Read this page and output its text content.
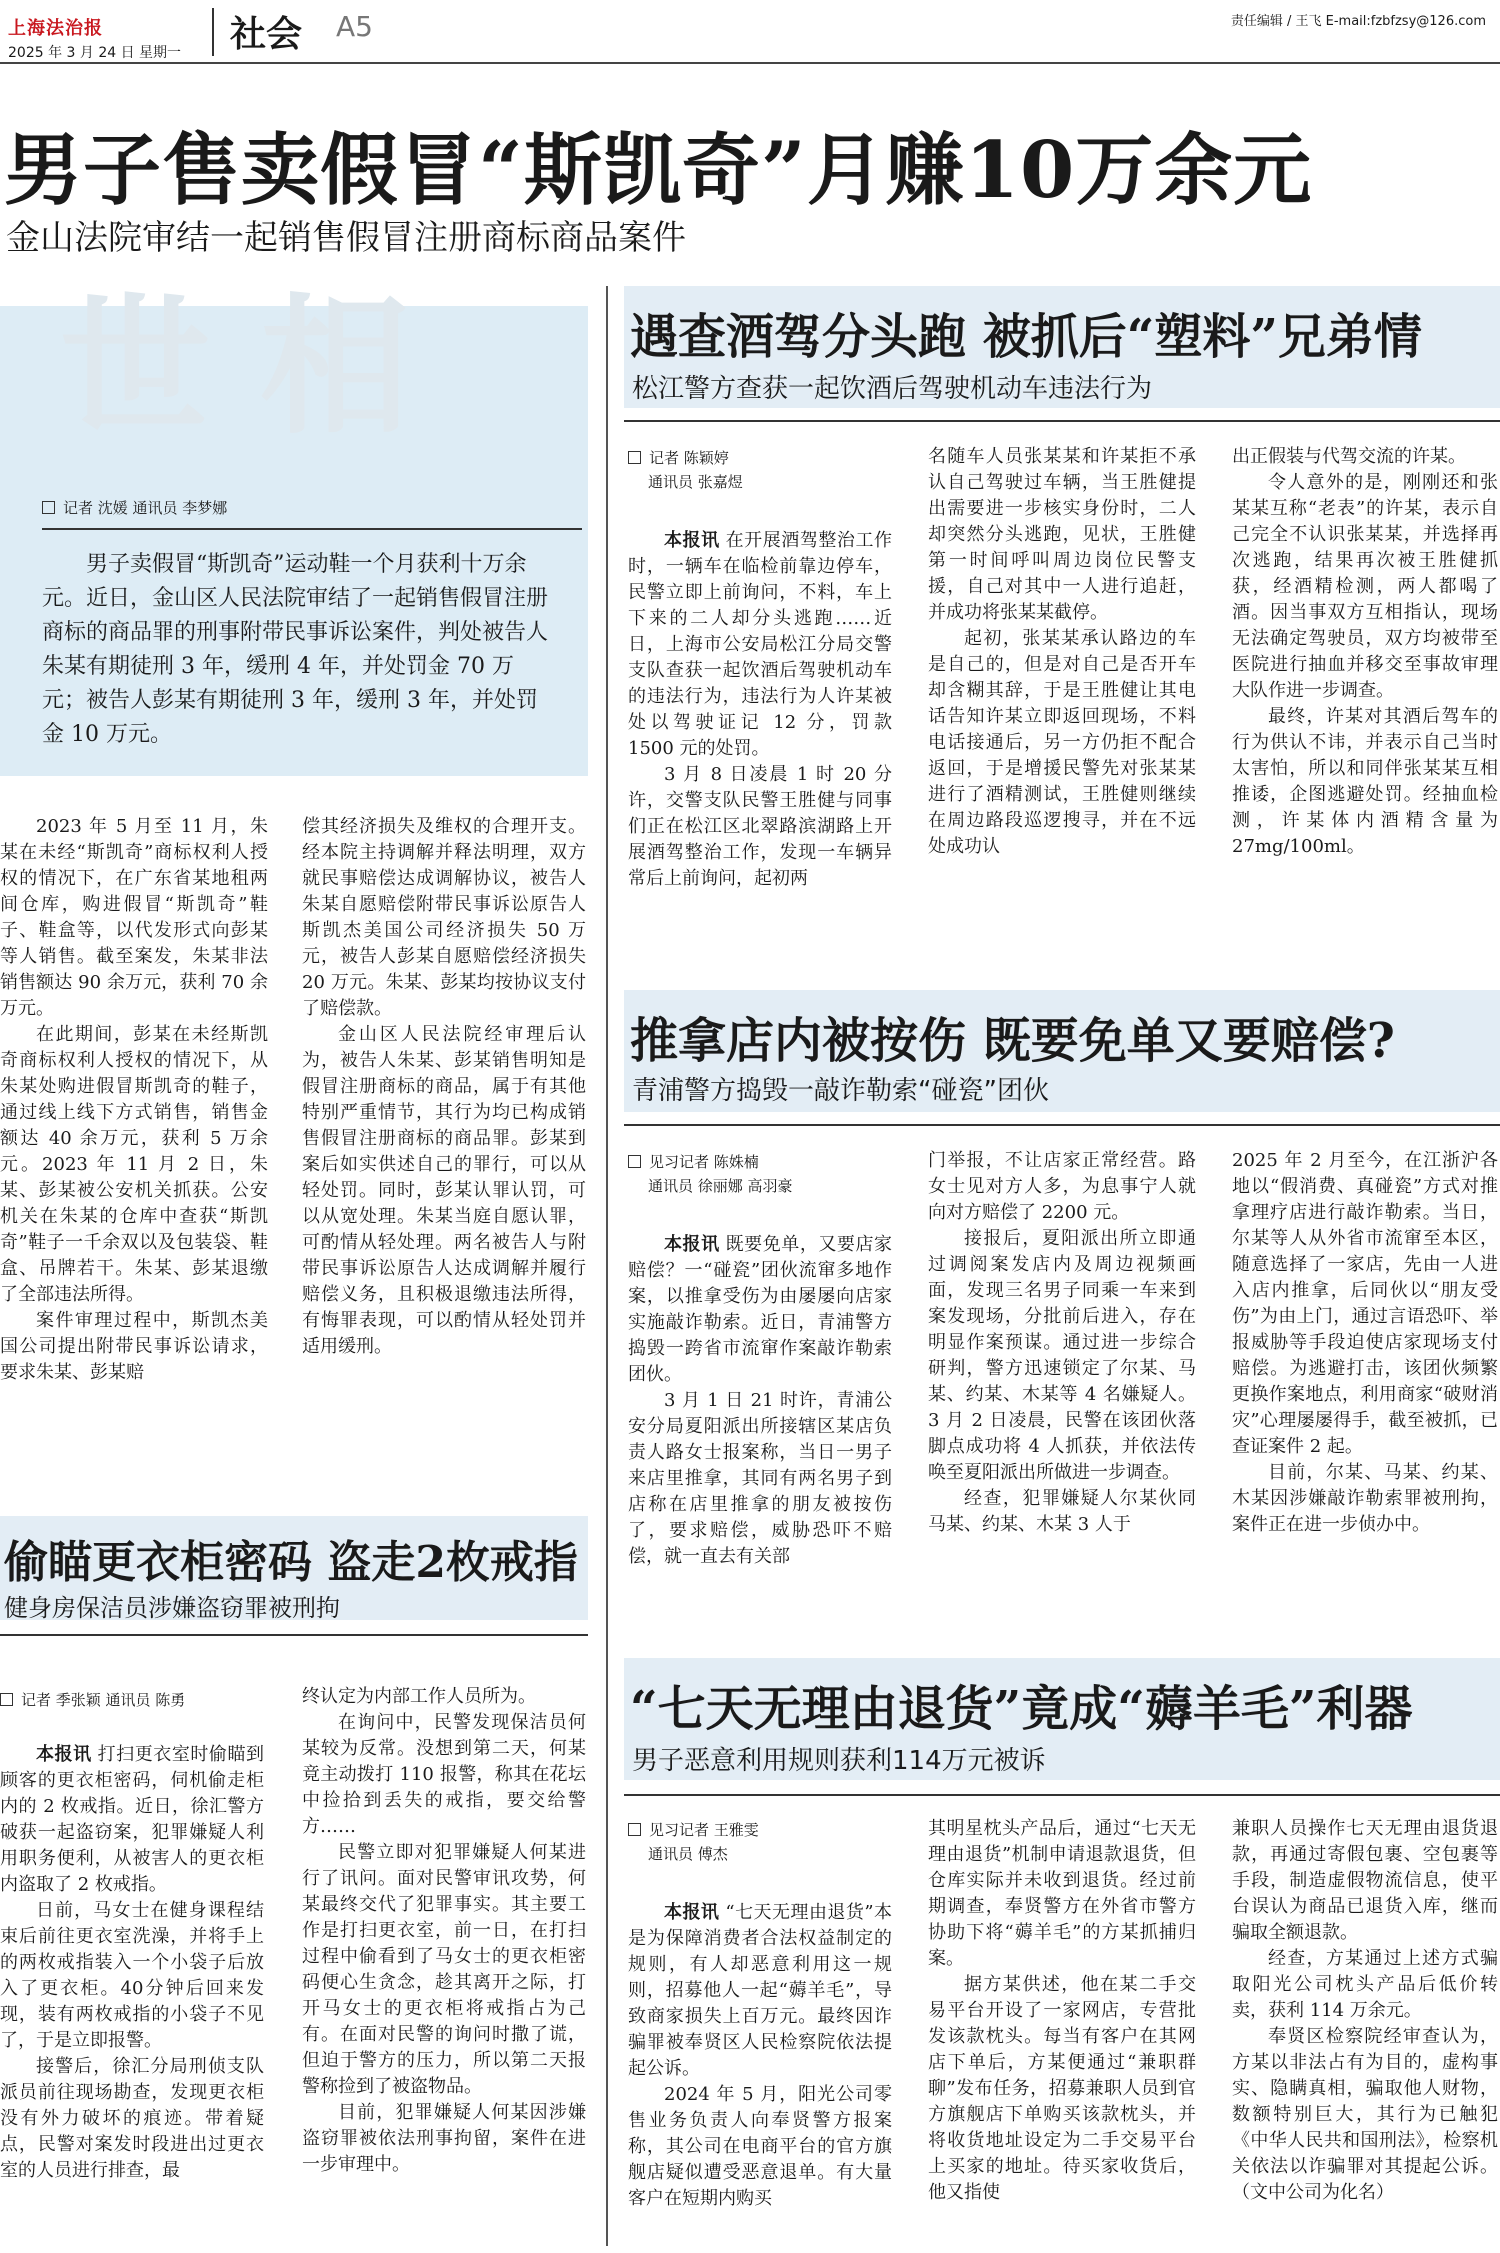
上海法治报
2025 年 3 月 24 日 星期一 社会 A5	责任编辑 / 王飞 E-mail:fzbfzsy@126.com
男子售卖假冒“斯凯奇”月赚10万余元
金山法院审结一起销售假冒注册商标商品案件
世相
记者 沈媛 通讯员 李梦娜
男子卖假冒“斯凯奇”运动鞋一个月获利十万余元。近日，金山区人民法院审结了一起销售假冒注册商标的商品罪的刑事附带民事诉讼案件，判处被告人朱某有期徒刑 3 年，缓刑 4 年，并处罚金 70 万元；被告人彭某有期徒刑 3 年，缓刑 3 年，并处罚金 10 万元。

2023 年 5 月至 11 月，朱某在未经“斯凯奇”商标权利人授权的情况下，在广东省某地租两间仓库，购进假冒“斯凯奇”鞋子、鞋盒等，以代发形式向彭某等人销售。截至案发，朱某非法销售额达 90 余万元，获利 70 余万元。

在此期间，彭某在未经斯凯奇商标权利人授权的情况下，从朱某处购进假冒斯凯奇的鞋子，通过线上线下方式销售，销售金额达 40 余万元，获利 5 万余元。2023 年 11 月 2 日，朱某、彭某被公安机关抓获。公安机关在朱某的仓库中查获“斯凯奇”鞋子一千余双以及包装袋、鞋盒、吊牌若干。朱某、彭某退缴了全部违法所得。

案件审理过程中，斯凯杰美国公司提出附带民事诉讼请求，要求朱某、彭某赔

偿其经济损失及维权的合理开支。经本院主持调解并释法明理，双方就民事赔偿达成调解协议，被告人朱某自愿赔偿附带民事诉讼原告人斯凯杰美国公司经济损失 50 万元，被告人彭某自愿赔偿经济损失 20 万元。朱某、彭某均按协议支付了赔偿款。

金山区人民法院经审理后认为，被告人朱某、彭某销售明知是假冒注册商标的商品，属于有其他特别严重情节，其行为均已构成销售假冒注册商标的商品罪。彭某到案后如实供述自己的罪行，可以从轻处罚。同时，彭某认罪认罚，可以从宽处理。朱某当庭自愿认罪，可酌情从轻处理。两名被告人与附带民事诉讼原告人达成调解并履行赔偿义务，且积极退缴违法所得，有悔罪表现，可以酌情从轻处罚并适用缓刑。

遇查酒驾分头跑 被抓后“塑料”兄弟情
松江警方查获一起饮酒后驾驶机动车违法行为
记者 陈颖婷
通讯员 张嘉煜

本报讯 在开展酒驾整治工作时，一辆车在临检前靠边停车，民警立即上前询问，不料，车上下来的二人却分头逃跑……近日，上海市公安局松江分局交警支队查获一起饮酒后驾驶机动车的违法行为，违法行为人许某被处以驾驶证记 12 分，罚款 1500 元的处罚。

3 月 8 日凌晨 1 时 20 分许，交警支队民警王胜健与同事们正在松江区北翠路滨湖路上开展酒驾整治工作，发现一车辆异常后上前询问，起初两

名随车人员张某某和许某拒不承认自己驾驶过车辆，当王胜健提出需要进一步核实身份时，二人却突然分头逃跑，见状，王胜健第一时间呼叫周边岗位民警支援，自己对其中一人进行追赶，并成功将张某某截停。

起初，张某某承认路边的车是自己的，但是对自己是否开车却含糊其辞，于是王胜健让其电话告知许某立即返回现场，不料电话接通后，另一方仍拒不配合返回，于是增援民警先对张某某进行了酒精测试，王胜健则继续在周边路段巡逻搜寻，并在不远处成功认

出正假装与代驾交流的许某。

令人意外的是，刚刚还和张某某互称“老表”的许某，表示自己完全不认识张某某，并选择再次逃跑，结果再次被王胜健抓获，经酒精检测，两人都喝了酒。因当事双方互相指认，现场无法确定驾驶员，双方均被带至医院进行抽血并移交至事故审理大队作进一步调查。

最终，许某对其酒后驾车的行为供认不讳，并表示自己当时太害怕，所以和同伴张某某互相推诿，企图逃避处罚。经抽血检测，许某体内酒精含量为 27mg/100ml。

推拿店内被按伤 既要免单又要赔偿?
青浦警方捣毁一敲诈勒索“碰瓷”团伙
见习记者 陈姝楠
通讯员 徐丽娜 高羽豪

本报讯 既要免单，又要店家赔偿？一“碰瓷”团伙流窜多地作案，以推拿受伤为由屡屡向店家实施敲诈勒索。近日，青浦警方捣毁一跨省市流窜作案敲诈勒索团伙。

3 月 1 日 21 时许，青浦公安分局夏阳派出所接辖区某店负责人路女士报案称，当日一男子来店里推拿，其同有两名男子到店称在店里推拿的朋友被按伤了，要求赔偿，威胁恐吓不赔偿，就一直去有关部

门举报，不让店家正常经营。路女士见对方人多，为息事宁人就向对方赔偿了 2200 元。

接报后，夏阳派出所立即通过调阅案发店内及周边视频画面，发现三名男子同乘一车来到案发现场，分批前后进入，存在明显作案预谋。通过进一步综合研判，警方迅速锁定了尔某、马某、约某、木某等 4 名嫌疑人。3 月 2 日凌晨，民警在该团伙落脚点成功将 4 人抓获，并依法传唤至夏阳派出所做进一步调查。

经查，犯罪嫌疑人尔某伙同马某、约某、木某 3 人于

2025 年 2 月至今，在江浙沪各地以“假消费、真碰瓷”方式对推拿理疗店进行敲诈勒索。当日，尔某等人从外省市流窜至本区，随意选择了一家店，先由一人进入店内推拿，后同伙以“朋友受伤”为由上门，通过言语恐吓、举报威胁等手段迫使店家现场支付赔偿。为逃避打击，该团伙频繁更换作案地点，利用商家“破财消灾”心理屡屡得手，截至被抓，已查证案件 2 起。

目前，尔某、马某、约某、木某因涉嫌敲诈勒索罪被刑拘，案件正在进一步侦办中。

“七天无理由退货”竟成“薅羊毛”利器
男子恶意利用规则获利114万元被诉
见习记者 王雅雯
通讯员 傅杰

本报讯 “七天无理由退货”本是为保障消费者合法权益制定的规则，有人却恶意利用这一规则，招募他人一起“薅羊毛”，导致商家损失上百万元。最终因诈骗罪被奉贤区人民检察院依法提起公诉。

2024 年 5 月，阳光公司零售业务负责人向奉贤警方报案称，其公司在电商平台的官方旗舰店疑似遭受恶意退单。有大量客户在短期内购买

其明星枕头产品后，通过“七天无理由退货”机制申请退款退货，但仓库实际并未收到退货。经过前期调查，奉贤警方在外省市警方协助下将“薅羊毛”的方某抓捕归案。

据方某供述，他在某二手交易平台开设了一家网店，专营批发该款枕头。每当有客户在其网店下单后，方某便通过“兼职群聊”发布任务，招募兼职人员到官方旗舰店下单购买该款枕头，并将收货地址设定为二手交易平台上买家的地址。待买家收货后，他又指使

兼职人员操作七天无理由退货退款，再通过寄假包裹、空包裹等手段，制造虚假物流信息，使平台误认为商品已退货入库，继而骗取全额退款。

经查，方某通过上述方式骗取阳光公司枕头产品后低价转卖，获利 114 万余元。

奉贤区检察院经审查认为，方某以非法占有为目的，虚构事实、隐瞒真相，骗取他人财物，数额特别巨大，其行为已触犯《中华人民共和国刑法》，检察机关依法以诈骗罪对其提起公诉。（文中公司为化名）

偷瞄更衣柜密码 盗走2枚戒指
健身房保洁员涉嫌盗窃罪被刑拘
记者 季张颖 通讯员 陈勇

本报讯 打扫更衣室时偷瞄到顾客的更衣柜密码，伺机偷走柜内的 2 枚戒指。近日，徐汇警方破获一起盗窃案，犯罪嫌疑人利用职务便利，从被害人的更衣柜内盗取了 2 枚戒指。

日前，马女士在健身课程结束后前往更衣室洗澡，并将手上的两枚戒指装入一个小袋子后放入了更衣柜。40分钟后回来发现，装有两枚戒指的小袋子不见了，于是立即报警。

接警后，徐汇分局刑侦支队派员前往现场勘查，发现更衣柜没有外力破坏的痕迹。带着疑点，民警对案发时段进出过更衣室的人员进行排查，最

终认定为内部工作人员所为。

在询问中，民警发现保洁员何某较为反常。没想到第二天，何某竟主动拨打 110 报警，称其在花坛中捡拾到丢失的戒指，要交给警方……

民警立即对犯罪嫌疑人何某进行了讯问。面对民警审讯攻势，何某最终交代了犯罪事实。其主要工作是打扫更衣室，前一日，在打扫过程中偷看到了马女士的更衣柜密码便心生贪念，趁其离开之际，打开马女士的更衣柜将戒指占为己有。在面对民警的询问时撒了谎，但迫于警方的压力，所以第二天报警称捡到了被盗物品。

目前，犯罪嫌疑人何某因涉嫌盗窃罪被依法刑事拘留，案件在进一步审理中。
